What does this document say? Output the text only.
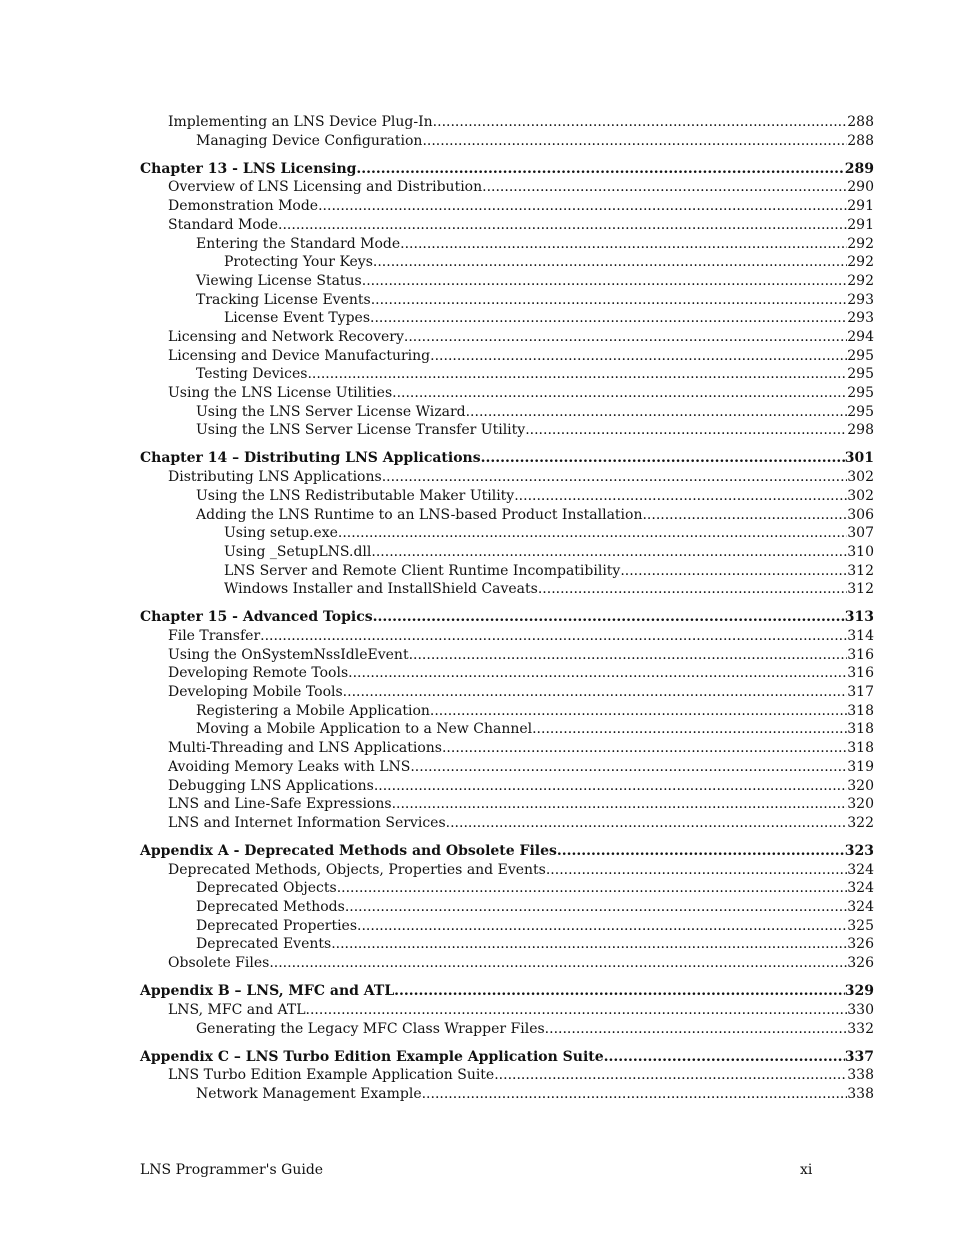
Implementing an LNS Device Plug-In .....	288
Managing Device Configuration .....	288
Chapter 13 - LNS Licensing .....	289
Overview of LNS Licensing and Distribution .....	290
Demonstration Mode .....	291
Standard Mode .....	291
Entering the Standard Mode .....	292
Protecting Your Keys .....	292
Viewing License Status .....	292
Tracking License Events .....	293
License Event Types .....	293
Licensing and Network Recovery .....	294
Licensing and Device Manufacturing .....	295
Testing Devices .....	295
Using the LNS License Utilities .....	295
Using the LNS Server License Wizard .....	295
Using the LNS Server License Transfer Utility .....	298
Chapter 14 – Distributing LNS Applications .....	301
Distributing LNS Applications .....	302
Using the LNS Redistributable Maker Utility .....	302
Adding the LNS Runtime to an LNS-based Product Installation .....	306
Using setup.exe .....	307
Using _SetupLNS.dll .....	310
LNS Server and Remote Client Runtime Incompatibility .....	312
Windows Installer and InstallShield Caveats .....	312
Chapter 15 - Advanced Topics .....	313
File Transfer .....	314
Using the OnSystemNssIdleEvent .....	316
Developing Remote Tools .....	316
Developing Mobile Tools .....	317
Registering a Mobile Application .....	318
Moving a Mobile Application to a New Channel .....	318
Multi-Threading and LNS Applications .....	318
Avoiding Memory Leaks with LNS .....	319
Debugging LNS Applications .....	320
LNS and Line-Safe Expressions .....	320
LNS and Internet Information Services .....	322
Appendix A - Deprecated Methods and Obsolete Files .....	323
Deprecated Methods, Objects, Properties and Events .....	324
Deprecated Objects .....	324
Deprecated Methods .....	324
Deprecated Properties .....	325
Deprecated Events .....	326
Obsolete Files .....	326
Appendix B – LNS, MFC and ATL .....	329
LNS, MFC and ATL .....	330
Generating the Legacy MFC Class Wrapper Files .....	332
Appendix C – LNS Turbo Edition Example Application Suite .....	337
LNS Turbo Edition Example Application Suite .....	338
Network Management Example .....	338
LNS Programmer's Guide	xi
